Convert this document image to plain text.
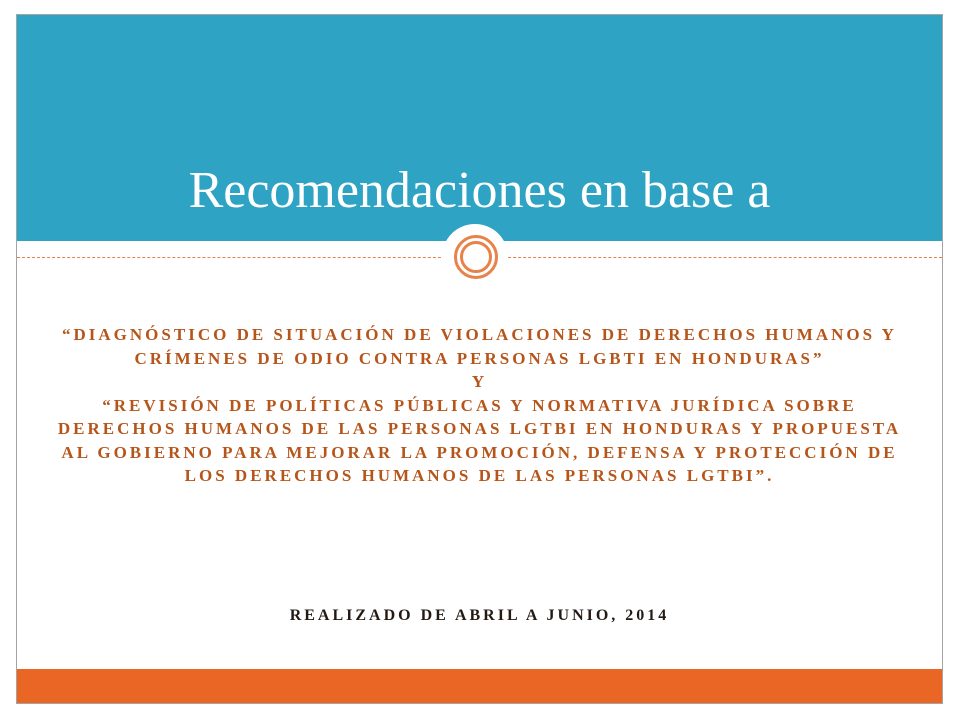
Recomendaciones en base a

“DIAGNÓSTICO DE SITUACIÓN DE VIOLACIONES DE DERECHOS HUMANOS Y CRÍMENES DE ODIO CONTRA PERSONAS LGBTI EN HONDURAS”

Y

“REVISIÓN DE POLÍTICAS PÚBLICAS Y NORMATIVA JURÍDICA SOBRE DERECHOS HUMANOS DE LAS PERSONAS LGTBI EN HONDURAS Y PROPUESTA AL GOBIERNO PARA MEJORAR LA PROMOCIÓN, DEFENSA Y PROTECCIÓN DE LOS DERECHOS HUMANOS DE LAS PERSONAS LGTBI”.

REALIZADO DE ABRIL A JUNIO, 2014
